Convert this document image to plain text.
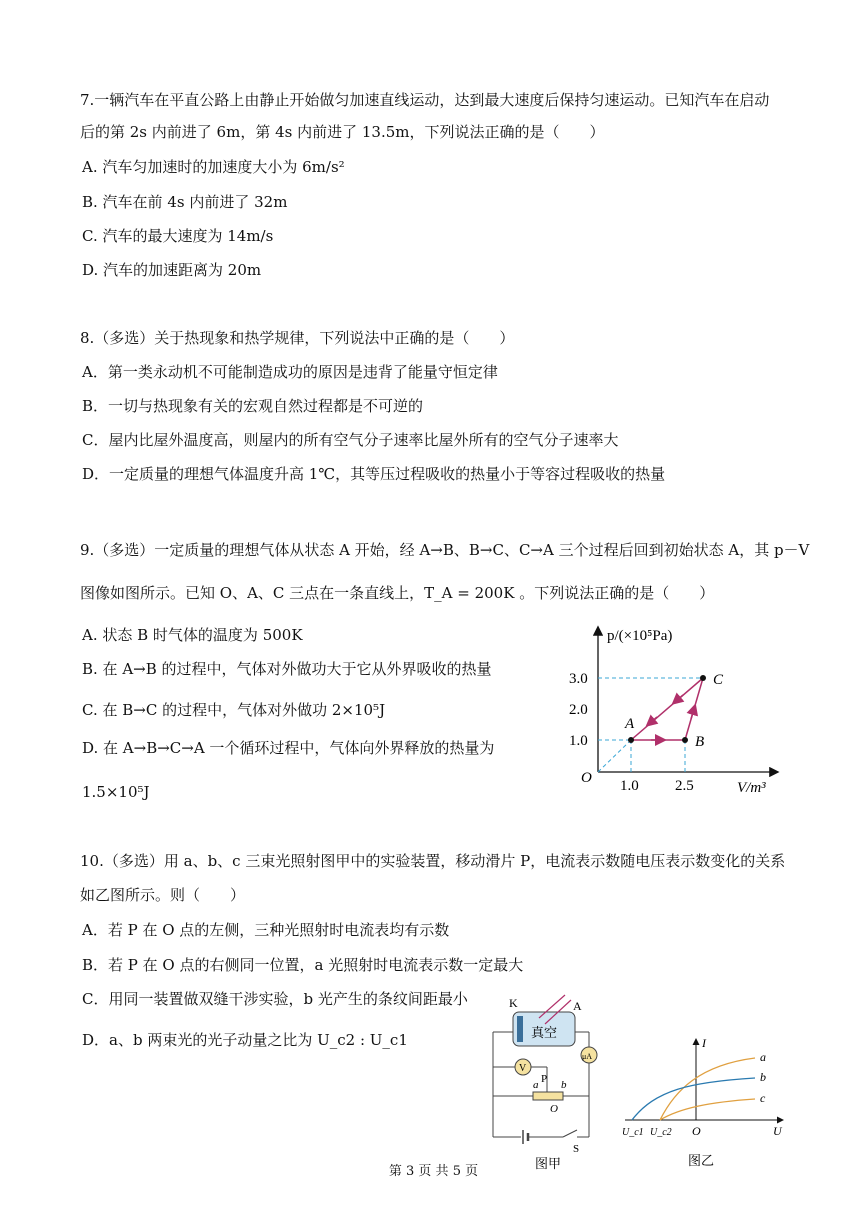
7.一辆汽车在平直公路上由静止开始做匀加速直线运动，达到最大速度后保持匀速运动。已知汽车在启动
后的第 2s 内前进了 6m，第 4s 内前进了 13.5m，下列说法正确的是（　　）
A. 汽车匀加速时的加速度大小为 6m/s²
B. 汽车在前 4s 内前进了 32m
C. 汽车的最大速度为 14m/s
D. 汽车的加速距离为 20m
8.（多选）关于热现象和热学规律，下列说法中正确的是（　　）
A．第一类永动机不可能制造成功的原因是违背了能量守恒定律
B．一切与热现象有关的宏观自然过程都是不可逆的
C．屋内比屋外温度高，则屋内的所有空气分子速率比屋外所有的空气分子速率大
D．一定质量的理想气体温度升高 1℃，其等压过程吸收的热量小于等容过程吸收的热量
9.（多选）一定质量的理想气体从状态 A 开始，经 A→B、B→C、C→A 三个过程后回到初始状态 A，其 p－V
图像如图所示。已知 O、A、C 三点在一条直线上，T_A = 200K 。下列说法正确的是（　　）
A. 状态 B 时气体的温度为 500K
B. 在 A→B 的过程中，气体对外做功大于它从外界吸收的热量
C. 在 B→C 的过程中，气体对外做功 2×10⁵J
D. 在 A→B→C→A 一个循环过程中，气体向外界释放的热量为
1.5×10⁵J
p/(×10⁵Pa)
V/m³
O
3.0
2.0
1.0
1.0 2.5
A
B
C
10.（多选）用 a、b、c 三束光照射图甲中的实验装置，移动滑片 P，电流表示数随电压表示数变化的关系
如乙图所示。则（　　）
A．若 P 在 O 点的左侧，三种光照射时电流表均有示数
B．若 P 在 O 点的右侧同一位置，a 光照射时电流表示数一定最大
C．用同一装置做双缝干涉实验，b 光产生的条纹间距最小
D．a、b 两束光的光子动量之比为 U_c2 : U_c1
K	A
真空
μA
V
P
a b
O
S
图甲
I
U
O
U_c1 U_c2
a
b
c
图乙
第 3 页 共 5 页
